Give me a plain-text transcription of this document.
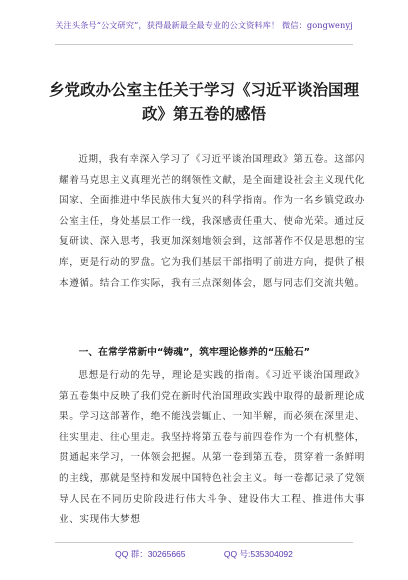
关注头条号“公文研究”，获得最新最全最专业的公文资料库！ 微信：gongwenyj
乡党政办公室主任关于学习《习近平谈治国理政》第五卷的感悟
近期，我有幸深入学习了《习近平谈治国理政》第五卷。这部闪耀着马克思主义真理光芒的纲领性文献，是全面建设社会主义现代化国家、全面推进中华民族伟大复兴的科学指南。作为一名乡镇党政办公室主任，身处基层工作一线，我深感责任重大、使命光荣。通过反复研读、深入思考，我更加深刻地领会到，这部著作不仅是思想的宝库，更是行动的罗盘。它为我们基层干部指明了前进方向，提供了根本遵循。结合工作实际，我有三点深刻体会，愿与同志们交流共勉。
一、在常学常新中“铸魂”，筑牢理论修养的“压舱石”
思想是行动的先导，理论是实践的指南。《习近平谈治国理政》第五卷集中反映了我们党在新时代治国理政实践中取得的最新理论成果。学习这部著作，绝不能浅尝辄止、一知半解，而必须在深里走、往实里走、往心里走。我坚持将第五卷与前四卷作为一个有机整体，贯通起来学习，一体领会把握。从第一卷到第五卷，贯穿着一条鲜明的主线，那就是坚持和发展中国特色社会主义。每一卷都记录了党领导人民在不同历史阶段进行伟大斗争、建设伟大工程、推进伟大事业、实现伟大梦想
QQ 群：30265665	QQ 号:535304092
